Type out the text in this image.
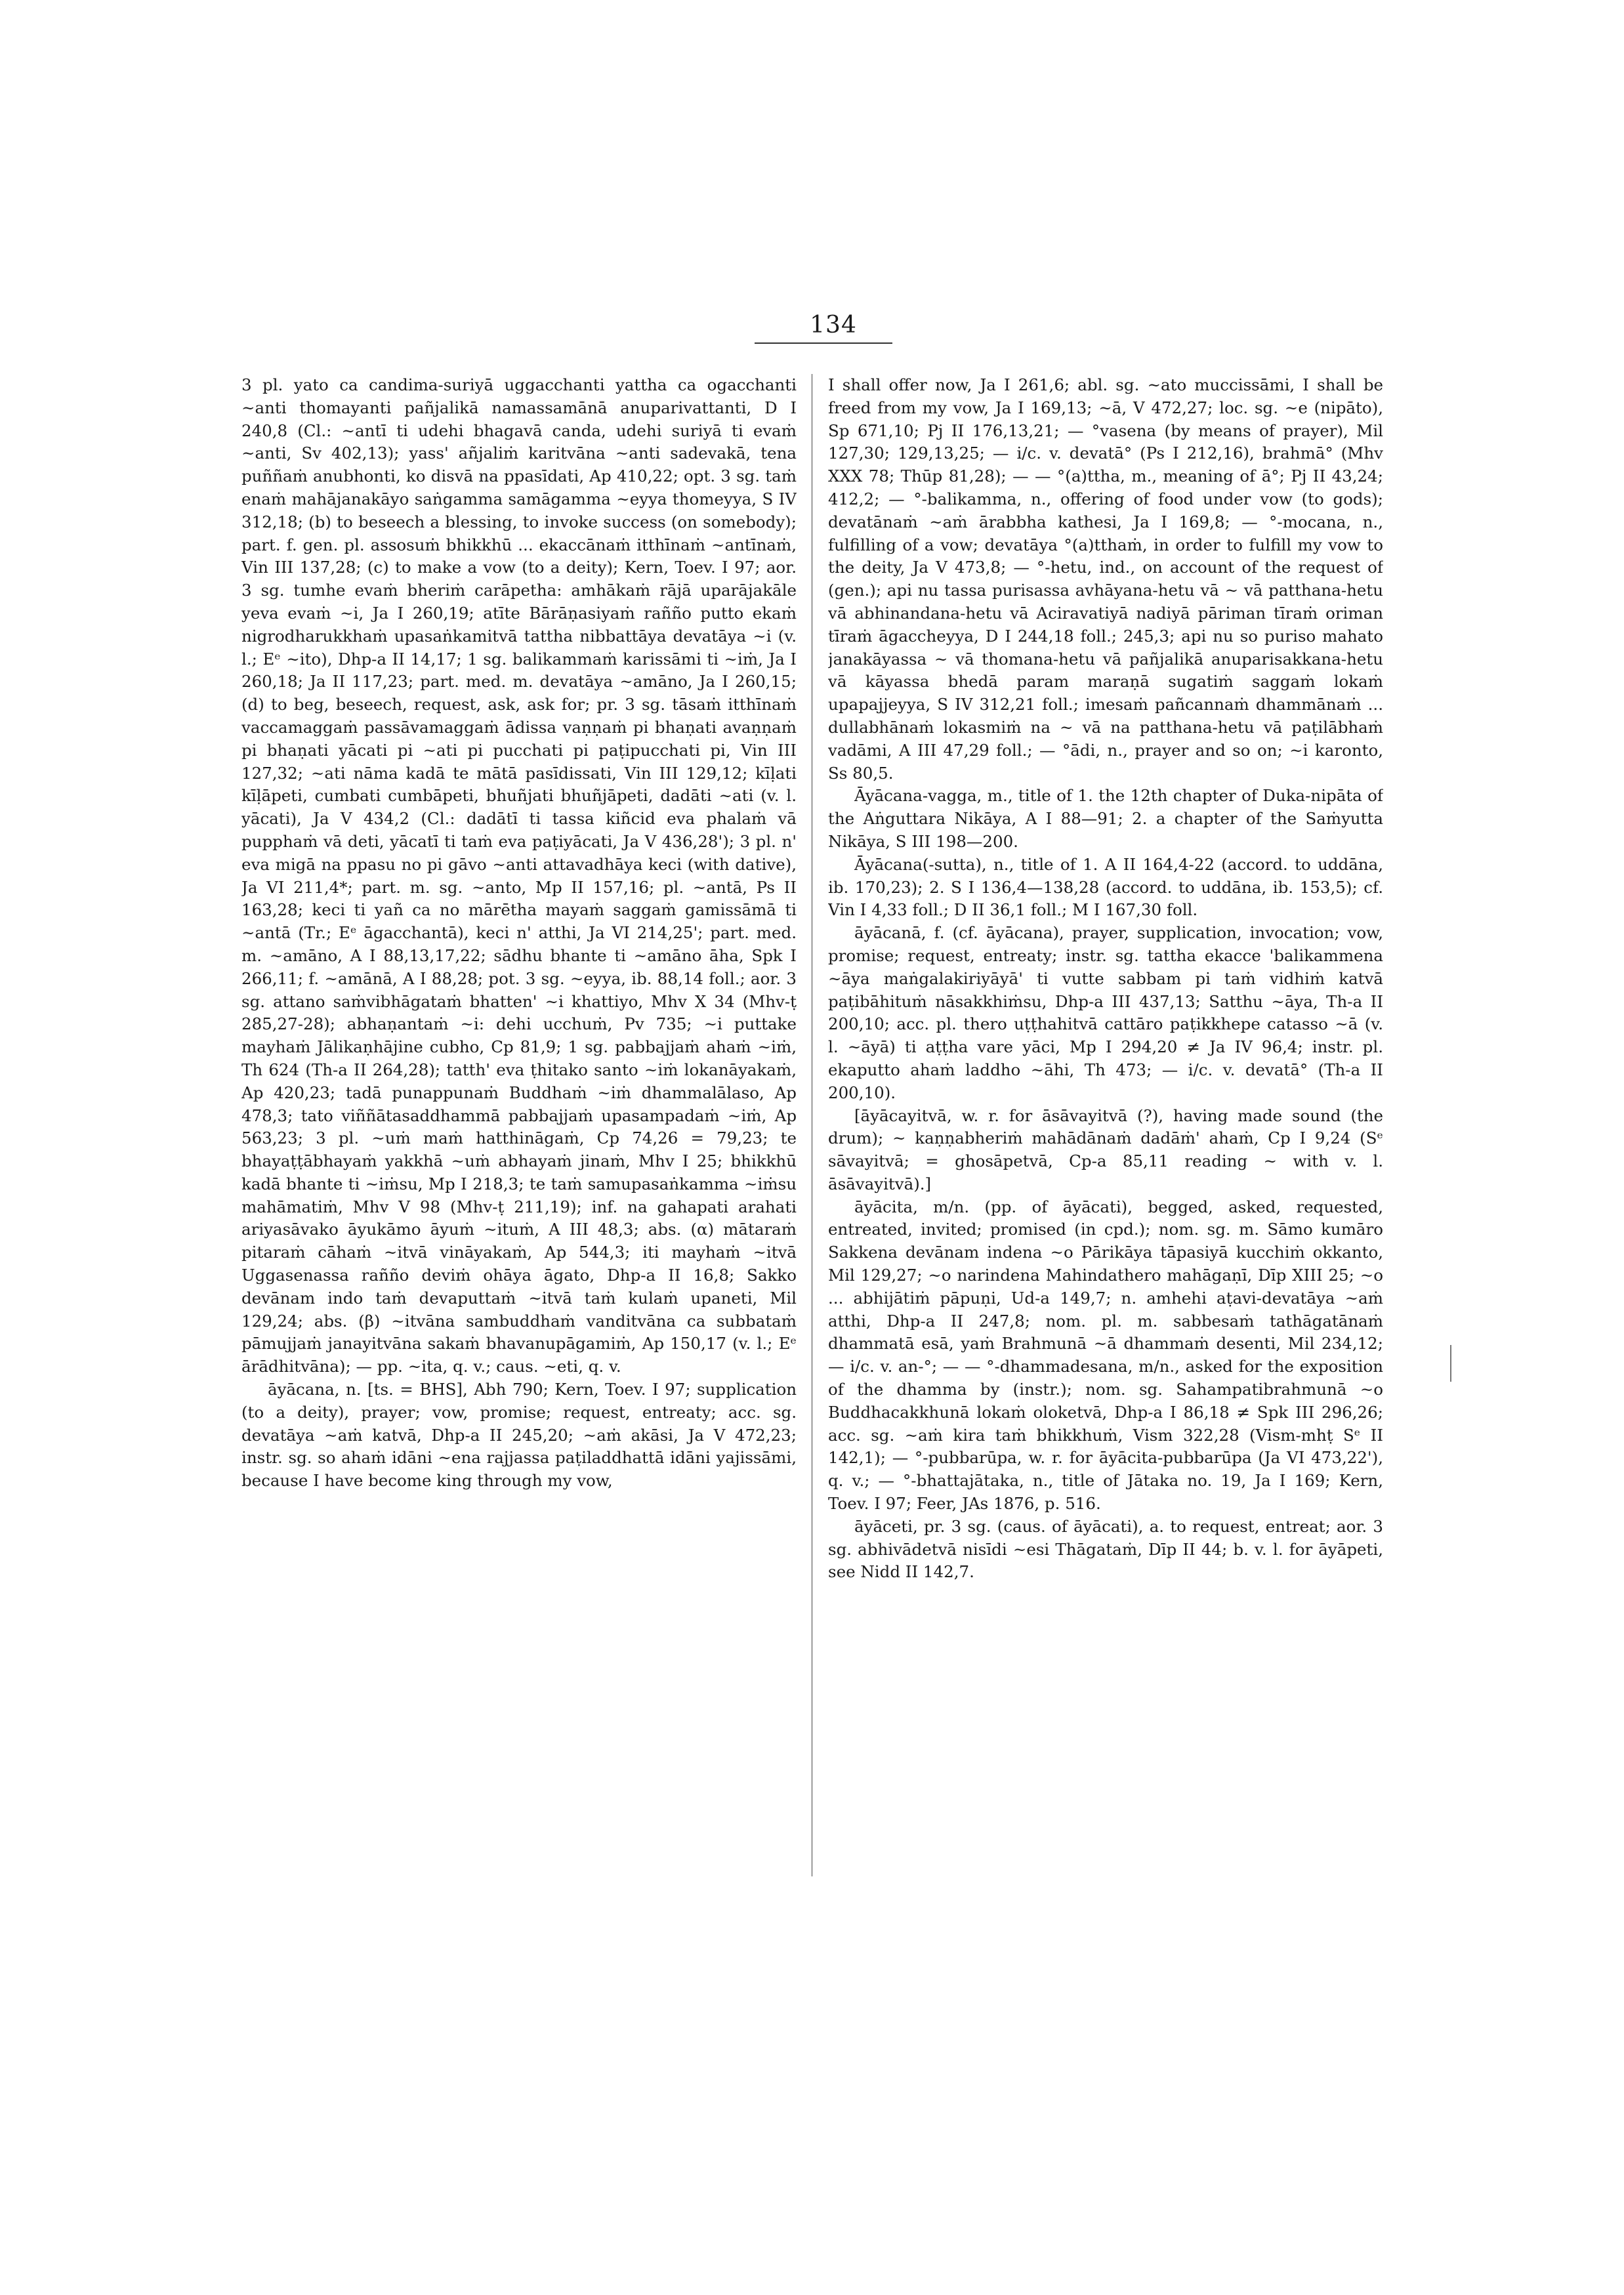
134

3 pl. yato ca candima-suriyā uggacchanti yattha ca ogacchanti ~anti thomayanti pañjalikā namassamānā anuparivattanti, D I 240,8 (Cl.: ~antī ti udehi bhagavā canda, udehi suriyā ti evaṁ ~anti, Sv 402,13); yass' añjaliṁ karitvāna ~anti sadevakā, tena puññaṁ anubhonti, ko disvā na ppasīdati, Ap 410,22; opt. 3 sg. taṁ enaṁ mahājanakāyo saṅgamma samāgamma ~eyya thomeyya, S IV 312,18; (b) to beseech a blessing, to invoke success (on somebody); part. f. gen. pl. assosuṁ bhikkhū ... ekaccānaṁ itthīnaṁ ~antīnaṁ, Vin III 137,28; (c) to make a vow (to a deity); Kern, Toev. I 97; aor. 3 sg. tumhe evaṁ bheriṁ carāpetha: amhākaṁ rājā uparājakāle yeva evaṁ ~i, Ja I 260,19; atīte Bārāṇasiyaṁ rañño putto ekaṁ nigrodharukkhaṁ upasaṅkamitvā tattha nibbattāya devatāya ~i (v. l.; Eᵉ ~ito), Dhp-a II 14,17; 1 sg. balikammaṁ karissāmi ti ~iṁ, Ja I 260,18; Ja II 117,23; part. med. m. devatāya ~amāno, Ja I 260,15; (d) to beg, beseech, request, ask, ask for; pr. 3 sg. tāsaṁ itthīnaṁ vaccamaggaṁ passāvamaggaṁ ādissa vaṇṇaṁ pi bhaṇati avaṇṇaṁ pi bhaṇati yācati pi ~ati pi pucchati pi paṭipucchati pi, Vin III 127,32; ~ati nāma kadā te mātā pasīdissati, Vin III 129,12; kīḷati kīḷāpeti, cumbati cumbāpeti, bhuñjati bhuñjāpeti, dadāti ~ati (v. l. yācati), Ja V 434,2 (Cl.: dadātī ti tassa kiñcid eva phalaṁ vā pupphaṁ vā deti, yācatī ti taṁ eva paṭiyācati, Ja V 436,28'); 3 pl. n' eva migā na ppasu no pi gāvo ~anti attavadhāya keci (with dative), Ja VI 211,4*; part. m. sg. ~anto, Mp II 157,16; pl. ~antā, Ps II 163,28; keci ti yañ ca no mārētha mayaṁ saggaṁ gamissāmā ti ~antā (Tr.; Eᵉ āgacchantā), keci n' atthi, Ja VI 214,25'; part. med. m. ~amāno, A I 88,13,17,22; sādhu bhante ti ~amāno āha, Spk I 266,11; f. ~amānā, A I 88,28; pot. 3 sg. ~eyya, ib. 88,14 foll.; aor. 3 sg. attano saṁvibhāgataṁ bhatten' ~i khattiyo, Mhv X 34 (Mhv-ṭ 285,27-28); abhaṇantaṁ ~i: dehi ucchuṁ, Pv 735; ~i puttake mayhaṁ Jālikaṇhājine cubho, Cp 81,9; 1 sg. pabbajjaṁ ahaṁ ~iṁ, Th 624 (Th-a II 264,28); tatth' eva ṭhitako santo ~iṁ lokanāyakaṁ, Ap 420,23; tadā punappunaṁ Buddhaṁ ~iṁ dhammalālaso, Ap 478,3; tato viññātasaddhammā pabbajjaṁ upasampadaṁ ~iṁ, Ap 563,23; 3 pl. ~uṁ maṁ hatthināgaṁ, Cp 74,26 = 79,23; te bhayaṭṭābhayaṁ yakkhā ~uṁ abhayaṁ jinaṁ, Mhv I 25; bhikkhū kadā bhante ti ~iṁsu, Mp I 218,3; te taṁ samupasaṅkamma ~iṁsu mahāmatiṁ, Mhv V 98 (Mhv-ṭ 211,19); inf. na gahapati arahati ariyasāvako āyukāmo āyuṁ ~ituṁ, A III 48,3; abs. (α) mātaraṁ pitaraṁ cāhaṁ ~itvā vināyakaṁ, Ap 544,3; iti mayhaṁ ~itvā Uggasenassa rañño deviṁ ohāya āgato, Dhp-a II 16,8; Sakko devānam indo taṁ devaputtaṁ ~itvā taṁ kulaṁ upaneti, Mil 129,24; abs. (β) ~itvāna sambuddhaṁ vanditvāna ca subbataṁ pāmujjaṁ janayitvāna sakaṁ bhavanupāgamiṁ, Ap 150,17 (v. l.; Eᵉ ārādhitvāna); — pp. ~ita, q. v.; caus. ~eti, q. v.

āyācana, n. [ts. = BHS], Abh 790; Kern, Toev. I 97; supplication (to a deity), prayer; vow, promise; request, entreaty; acc. sg. devatāya ~aṁ katvā, Dhp-a II 245,20; ~aṁ akāsi, Ja V 472,23; instr. sg. so ahaṁ idāni ~ena rajjassa paṭiladdhattā idāni yajissāmi, because I have become king through my vow,

I shall offer now, Ja I 261,6; abl. sg. ~ato muccissāmi, I shall be freed from my vow, Ja I 169,13; ~ā, V 472,27; loc. sg. ~e (nipāto), Sp 671,10; Pj II 176,13,21; — °vasena (by means of prayer), Mil 127,30; 129,13,25; — i/c. v. devatā° (Ps I 212,16), brahmā° (Mhv XXX 78; Thūp 81,28); — — °(a)ttha, m., meaning of ā°; Pj II 43,24; 412,2; — °-balikamma, n., offering of food under vow (to gods); devatānaṁ ~aṁ ārabbha kathesi, Ja I 169,8; — °-mocana, n., fulfilling of a vow; devatāya °(a)tthaṁ, in order to fulfill my vow to the deity, Ja V 473,8; — °-hetu, ind., on account of the request of (gen.); api nu tassa purisassa avhāyana-hetu vā ~ vā patthana-hetu vā abhinandana-hetu vā Aciravatiyā nadiyā pāriman tīraṁ oriman tīraṁ āgaccheyya, D I 244,18 foll.; 245,3; api nu so puriso mahato janakāyassa ~ vā thomana-hetu vā pañjalikā anuparisakkana-hetu vā kāyassa bhedā param maraṇā sugatiṁ saggaṁ lokaṁ upapajjeyya, S IV 312,21 foll.; imesaṁ pañcannaṁ dhammānaṁ ... dullabhānaṁ lokasmiṁ na ~ vā na patthana-hetu vā paṭilābhaṁ vadāmi, A III 47,29 foll.; — °ādi, n., prayer and so on; ~i karonto, Ss 80,5.

Āyācana-vagga, m., title of 1. the 12th chapter of Duka-nipāta of the Aṅguttara Nikāya, A I 88—91; 2. a chapter of the Saṁyutta Nikāya, S III 198—200.

Āyācana(-sutta), n., title of 1. A II 164,4-22 (accord. to uddāna, ib. 170,23); 2. S I 136,4—138,28 (accord. to uddāna, ib. 153,5); cf. Vin I 4,33 foll.; D II 36,1 foll.; M I 167,30 foll.

āyācanā, f. (cf. āyācana), prayer, supplication, invocation; vow, promise; request, entreaty; instr. sg. tattha ekacce 'balikammena ~āya maṅgalakiriyāyā' ti vutte sabbam pi taṁ vidhiṁ katvā paṭibāhituṁ nāsakkhiṁsu, Dhp-a III 437,13; Satthu ~āya, Th-a II 200,10; acc. pl. thero uṭṭhahitvā cattāro paṭikkhepe catasso ~ā (v. l. ~āyā) ti aṭṭha vare yāci, Mp I 294,20 ≠ Ja IV 96,4; instr. pl. ekaputto ahaṁ laddho ~āhi, Th 473; — i/c. v. devatā° (Th-a II 200,10).

[āyācayitvā, w. r. for āsāvayitvā (?), having made sound (the drum); ~ kaṇṇabheriṁ mahādānaṁ dadāṁ' ahaṁ, Cp I 9,24 (Sᵉ sāvayitvā; = ghosāpetvā, Cp-a 85,11 reading ~ with v. l. āsāvayitvā).]

āyācita, m/n. (pp. of āyācati), begged, asked, requested, entreated, invited; promised (in cpd.); nom. sg. m. Sāmo kumāro Sakkena devānam indena ~o Pārikāya tāpasiyā kucchiṁ okkanto, Mil 129,27; ~o narindena Mahindathero mahāgaṇī, Dīp XIII 25; ~o ... abhijātiṁ pāpuṇi, Ud-a 149,7; n. amhehi aṭavi-devatāya ~aṁ atthi, Dhp-a II 247,8; nom. pl. m. sabbesaṁ tathāgatānaṁ dhammatā esā, yaṁ Brahmunā ~ā dhammaṁ desenti, Mil 234,12; — i/c. v. an-°; — — °-dhammadesana, m/n., asked for the exposition of the dhamma by (instr.); nom. sg. Sahampatibrahmunā ~o Buddhacakkhunā lokaṁ oloketvā, Dhp-a I 86,18 ≠ Spk III 296,26; acc. sg. ~aṁ kira taṁ bhikkhuṁ, Vism 322,28 (Vism-mhṭ Sᵉ II 142,1); — °-pubbarūpa, w. r. for āyācita-pubbarūpa (Ja VI 473,22'), q. v.; — °-bhattajātaka, n., title of Jātaka no. 19, Ja I 169; Kern, Toev. I 97; Feer, JAs 1876, p. 516.

āyāceti, pr. 3 sg. (caus. of āyācati), a. to request, entreat; aor. 3 sg. abhivādetvā nisīdi ~esi Thāgataṁ, Dīp II 44; b. v. l. for āyāpeti, see Nidd II 142,7.
